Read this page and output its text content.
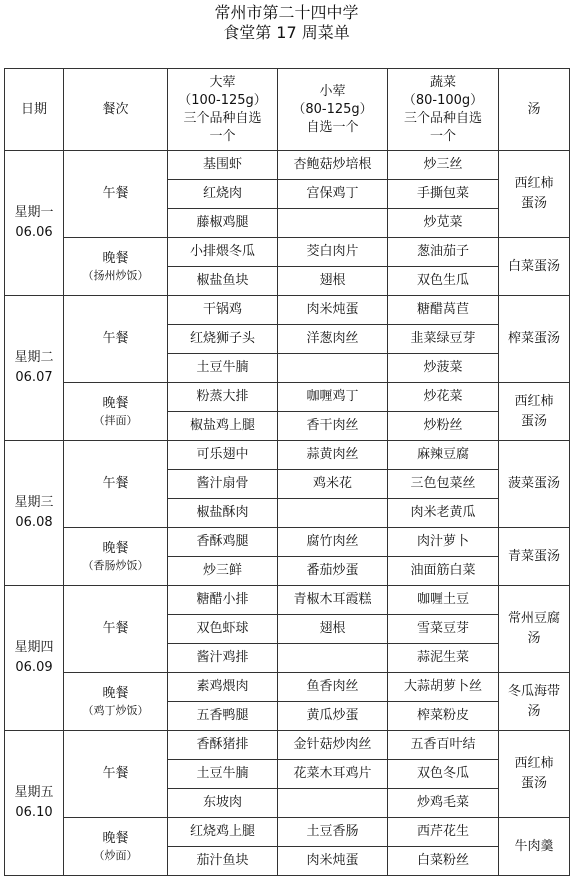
常州市第二十四中学
食堂第 17 周菜单
日期	餐次	大荤
（100-125g）
三个品种自选
一个	小荤
（80-125g）
自选一个	蔬菜
（80-100g）
三个品种自选
一个	汤
星期一
06.06	午餐	基围虾	杏鲍菇炒培根	炒三丝	西红柿
蛋汤
		红烧肉	宫保鸡丁	手撕包菜	
		藤椒鸡腿		炒苋菜	
	晚餐
（扬州炒饭）	小排煨冬瓜	茭白肉片	葱油茄子	白菜蛋汤
		椒盐鱼块	翅根	双色生瓜	
星期二
06.07	午餐	干锅鸡	肉米炖蛋	糖醋莴苣	榨菜蛋汤
		红烧狮子头	洋葱肉丝	韭菜绿豆芽	
		土豆牛腩		炒菠菜	
	晚餐
（拌面）	粉蒸大排	咖喱鸡丁	炒花菜	西红柿
蛋汤
		椒盐鸡上腿	香干肉丝	炒粉丝	
星期三
06.08	午餐	可乐翅中	蒜黄肉丝	麻辣豆腐	菠菜蛋汤
		酱汁扇骨	鸡米花	三色包菜丝	
		椒盐酥肉		肉米老黄瓜	
	晚餐
（香肠炒饭）	香酥鸡腿	腐竹肉丝	肉汁萝卜	青菜蛋汤
		炒三鲜	番茄炒蛋	油面筋白菜	
星期四
06.09	午餐	糖醋小排	青椒木耳霞糕	咖喱土豆	常州豆腐
汤
		双色虾球	翅根	雪菜豆芽	
		酱汁鸡排		蒜泥生菜	
	晚餐
（鸡丁炒饭）	素鸡煨肉	鱼香肉丝	大蒜胡萝卜丝	冬瓜海带
汤
		五香鸭腿	黄瓜炒蛋	榨菜粉皮	
星期五
06.10	午餐	香酥猪排	金针菇炒肉丝	五香百叶结	西红柿
蛋汤
		土豆牛腩	花菜木耳鸡片	双色冬瓜	
		东坡肉		炒鸡毛菜	
	晚餐
（炒面）	红烧鸡上腿	土豆香肠	西芹花生	牛肉羹
		茄汁鱼块	肉米炖蛋	白菜粉丝	
